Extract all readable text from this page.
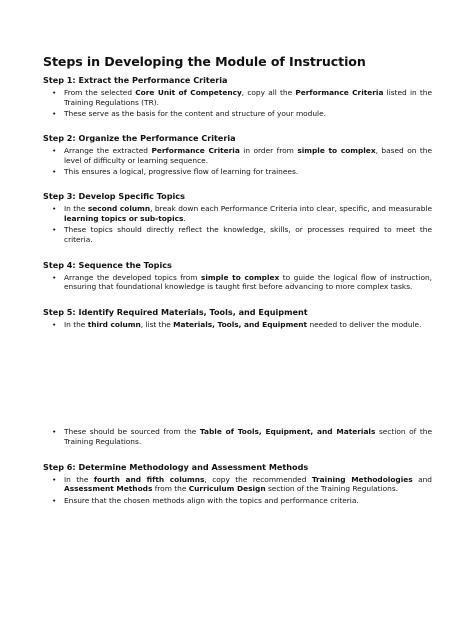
Steps in Developing the Module of Instruction
Step 1: Extract the Performance Criteria
• From the selected Core Unit of Competency, copy all the Performance Criteria listed in the Training Regulations (TR).
• These serve as the basis for the content and structure of your module.
Step 2: Organize the Performance Criteria
• Arrange the extracted Performance Criteria in order from simple to complex, based on the level of difficulty or learning sequence.
• This ensures a logical, progressive flow of learning for trainees.
Step 3: Develop Specific Topics
• In the second column, break down each Performance Criteria into clear, specific, and measurable learning topics or sub-topics.
• These topics should directly reflect the knowledge, skills, or processes required to meet the criteria.
Step 4: Sequence the Topics
• Arrange the developed topics from simple to complex to guide the logical flow of instruction, ensuring that foundational knowledge is taught first before advancing to more complex tasks.
Step 5: Identify Required Materials, Tools, and Equipment
• In the third column, list the Materials, Tools, and Equipment needed to deliver the module.
• These should be sourced from the Table of Tools, Equipment, and Materials section of the Training Regulations.
Step 6: Determine Methodology and Assessment Methods
• In the fourth and fifth columns, copy the recommended Training Methodologies and Assessment Methods from the Curriculum Design section of the Training Regulations.
• Ensure that the chosen methods align with the topics and performance criteria.
